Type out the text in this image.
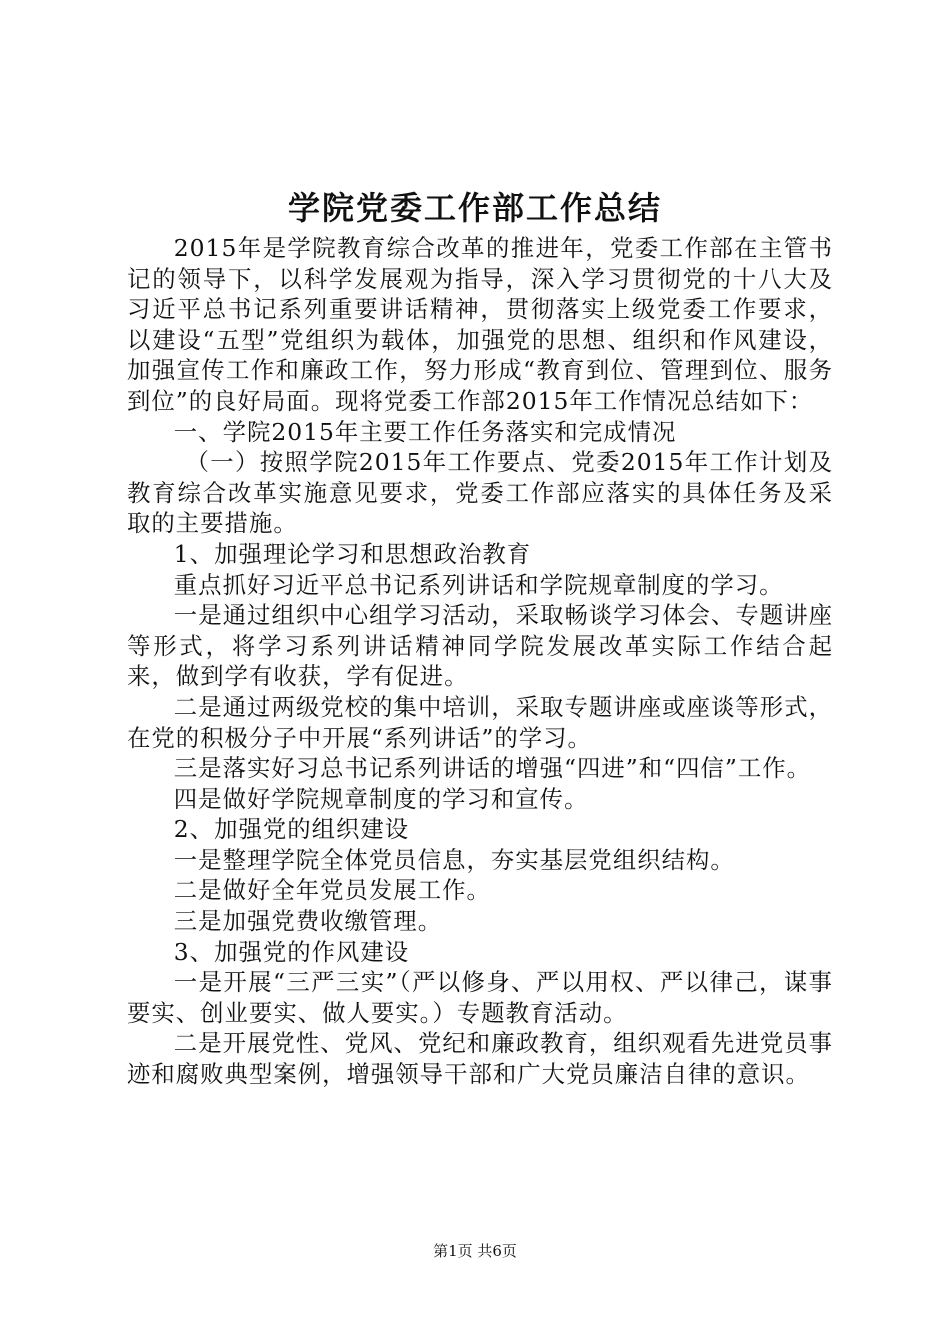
学院党委工作部工作总结

2015年是学院教育综合改革的推进年，党委工作部在主管书记的领导下，以科学发展观为指导，深入学习贯彻党的十八大及习近平总书记系列重要讲话精神，贯彻落实上级党委工作要求，以建设“五型”党组织为载体，加强党的思想、组织和作风建设，加强宣传工作和廉政工作，努力形成“教育到位、管理到位、服务到位”的良好局面。现将党委工作部2015年工作情况总结如下：

一、学院2015年主要工作任务落实和完成情况

（一）按照学院2015年工作要点、党委2015年工作计划及教育综合改革实施意见要求，党委工作部应落实的具体任务及采取的主要措施。

1、加强理论学习和思想政治教育

重点抓好习近平总书记系列讲话和学院规章制度的学习。

一是通过组织中心组学习活动，采取畅谈学习体会、专题讲座等形式，将学习系列讲话精神同学院发展改革实际工作结合起来，做到学有收获，学有促进。

二是通过两级党校的集中培训，采取专题讲座或座谈等形式，在党的积极分子中开展“系列讲话”的学习。

三是落实好习总书记系列讲话的增强“四进”和“四信”工作。

四是做好学院规章制度的学习和宣传。

2、加强党的组织建设

一是整理学院全体党员信息，夯实基层党组织结构。

二是做好全年党员发展工作。

三是加强党费收缴管理。

3、加强党的作风建设

一是开展“三严三实”（严以修身、严以用权、严以律己，谋事要实、创业要实、做人要实。）专题教育活动。

二是开展党性、党风、党纪和廉政教育，组织观看先进党员事迹和腐败典型案例，增强领导干部和广大党员廉洁自律的意识。

第1页 共6页
